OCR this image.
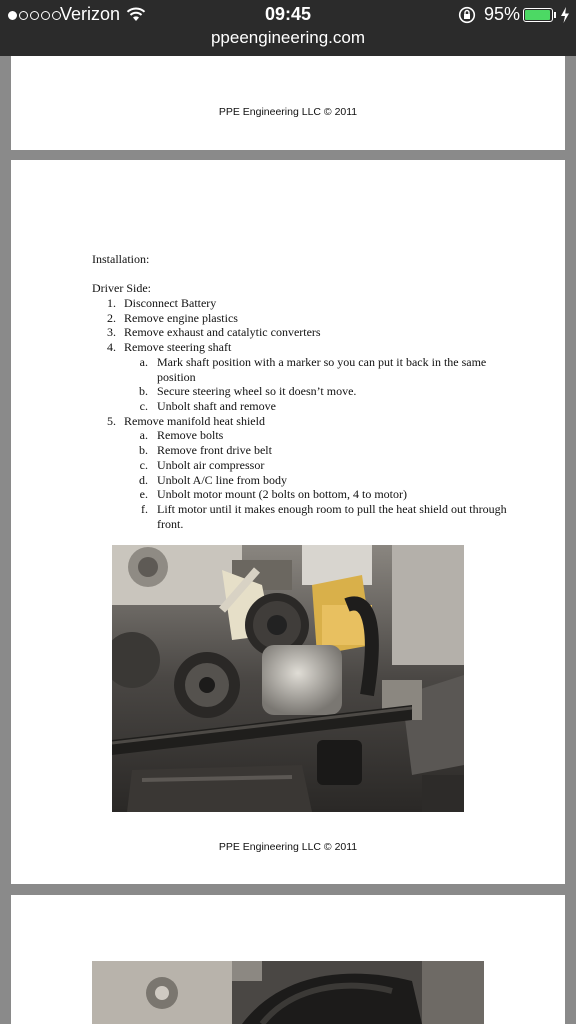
Verizon	09:45	95%
ppeengineering.com
PPE Engineering LLC © 2011
Installation:
Driver Side:
1. Disconnect Battery
2. Remove engine plastics
3. Remove exhaust and catalytic converters
4. Remove steering shaft
a. Mark shaft position with a marker so you can put it back in the same position
b. Secure steering wheel so it doesn’t move.
c. Unbolt shaft and remove
5. Remove manifold heat shield
a. Remove bolts
b. Remove front drive belt
c. Unbolt air compressor
d. Unbolt A/C line from body
e. Unbolt motor mount (2 bolts on bottom, 4 to motor)
f. Lift motor until it makes enough room to pull the heat shield out through front.
PPE Engineering LLC © 2011
